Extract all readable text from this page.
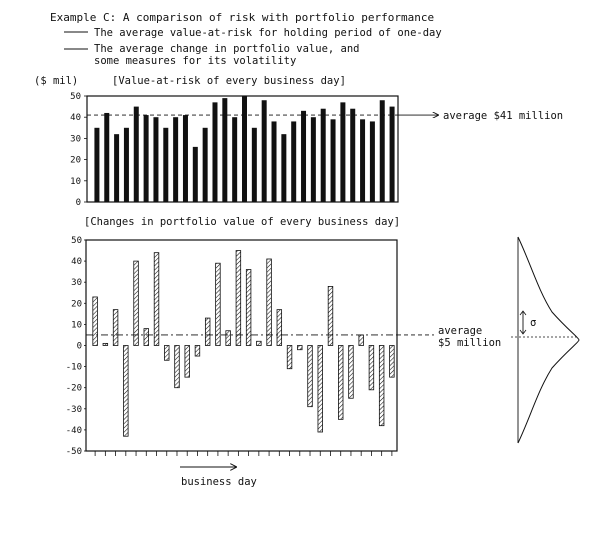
Example C: A comparison of risk with portfolio performance
The average value-at-risk for holding period of one-day
The average change in portfolio value, and
some measures for its volatility
($ mil)	[Value-at-risk of every business day]
0
10
20
30
40
50
average $41 million
[Changes in portfolio value of every business day]
50
40
30
20
10
0
-10
-20
-30
-40
-50
average
$5 million
business day
σ
